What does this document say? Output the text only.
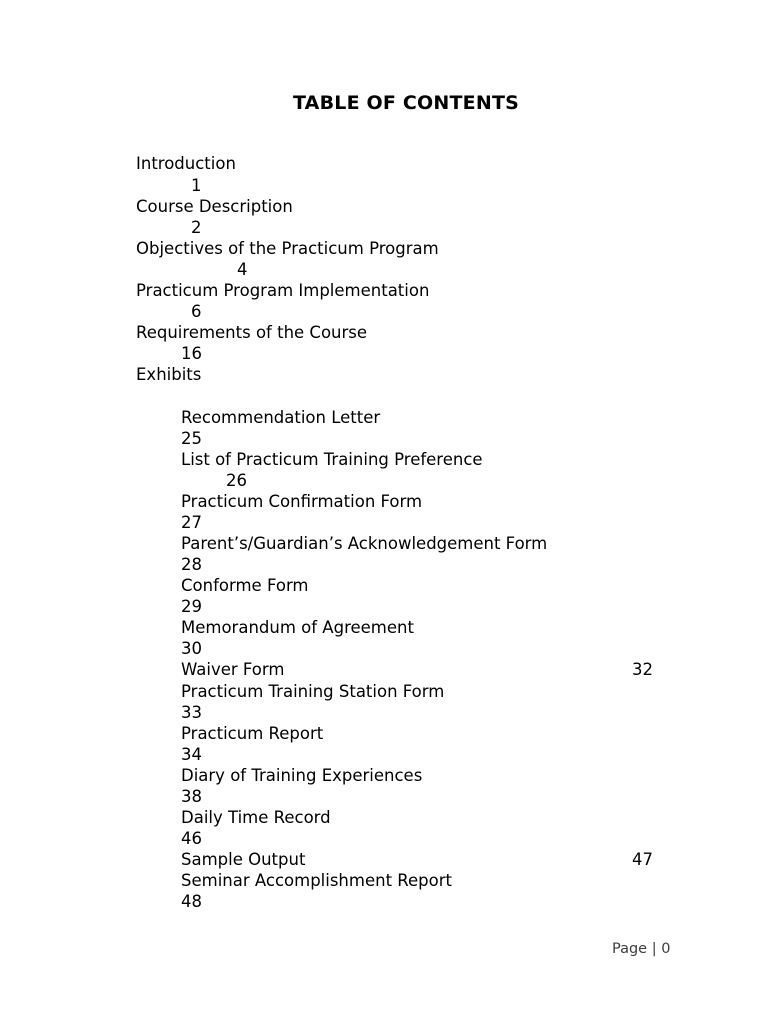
TABLE OF CONTENTS
Introduction
1
Course Description
2
Objectives of the Practicum Program
4
Practicum Program Implementation
6
Requirements of the Course
16
Exhibits
Recommendation Letter
25
List of Practicum Training Preference
26
Practicum Confirmation Form
27
Parent’s/Guardian’s Acknowledgement Form
28
Conforme Form
29
Memorandum of Agreement
30
Waiver Form	32
Practicum Training Station Form
33
Practicum Report
34
Diary of Training Experiences
38
Daily Time Record
46
Sample Output	47
Seminar Accomplishment Report
48
Page | 0
